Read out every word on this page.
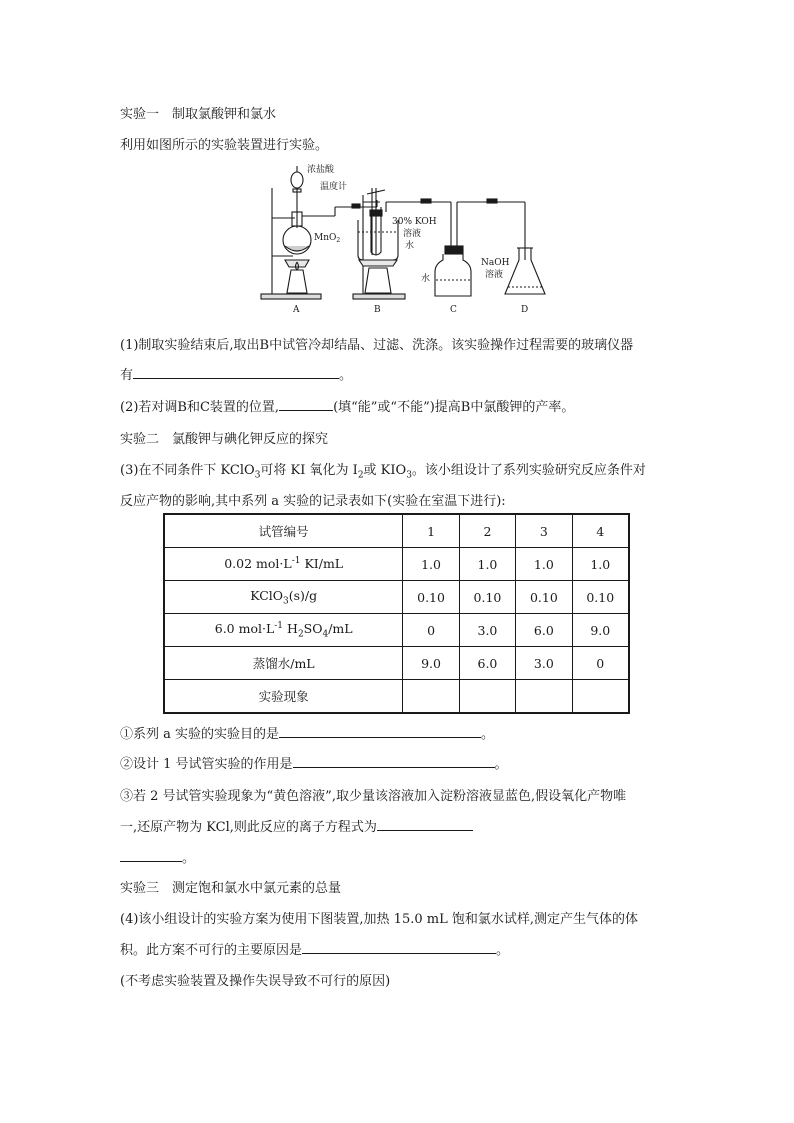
实验一　制取氯酸钾和氯水
利用如图所示的实验装置进行实验。
浓盐酸
温度计
MnO$_2$
30% KOH
溶液
水
水
NaOH
溶液
A	B	C	D
(1)制取实验结束后,取出B中试管冷却结晶、过滤、洗涤。该实验操作过程需要的玻璃仪器
有	。
(2)若对调B和C装置的位置,	(填“能”或“不能”)提高B中氯酸钾的产率。
实验二　氯酸钾与碘化钾反应的探究
(3)在不同条件下 KClO$_3$可将 KI 氧化为 $I_2$或 $KIO_3$。该小组设计了系列实验研究反应条件对
反应产物的影响,其中系列 a 实验的记录表如下(实验在室温下进行):
试管编号	1	2	3	4
0.02 $mol\cdot L^{-1}$ KI/mL	1.0	1.0	1.0	1.0
KClO$_3$(s)/g	0.10	0.10	0.10	0.10
6.0 $mol\cdot L^{-1}$ $H_2SO_4/mL$	0	3.0	6.0	9.0
蒸馏水/mL	9.0	6.0	3.0	0
实验现象				
①系列 a 实验的实验目的是	。
②设计 1 号试管实验的作用是	。
③若 2 号试管实验现象为“黄色溶液”,取少量该溶液加入淀粉溶液显蓝色,假设氧化产物唯
一,还原产物为 KCl,则此反应的离子方程式为
。
实验三　测定饱和氯水中氯元素的总量
(4)该小组设计的实验方案为使用下图装置,加热 15.0 mL 饱和氯水试样,测定产生气体的体
积。此方案不可行的主要原因是	。
(不考虑实验装置及操作失误导致不可行的原因)
